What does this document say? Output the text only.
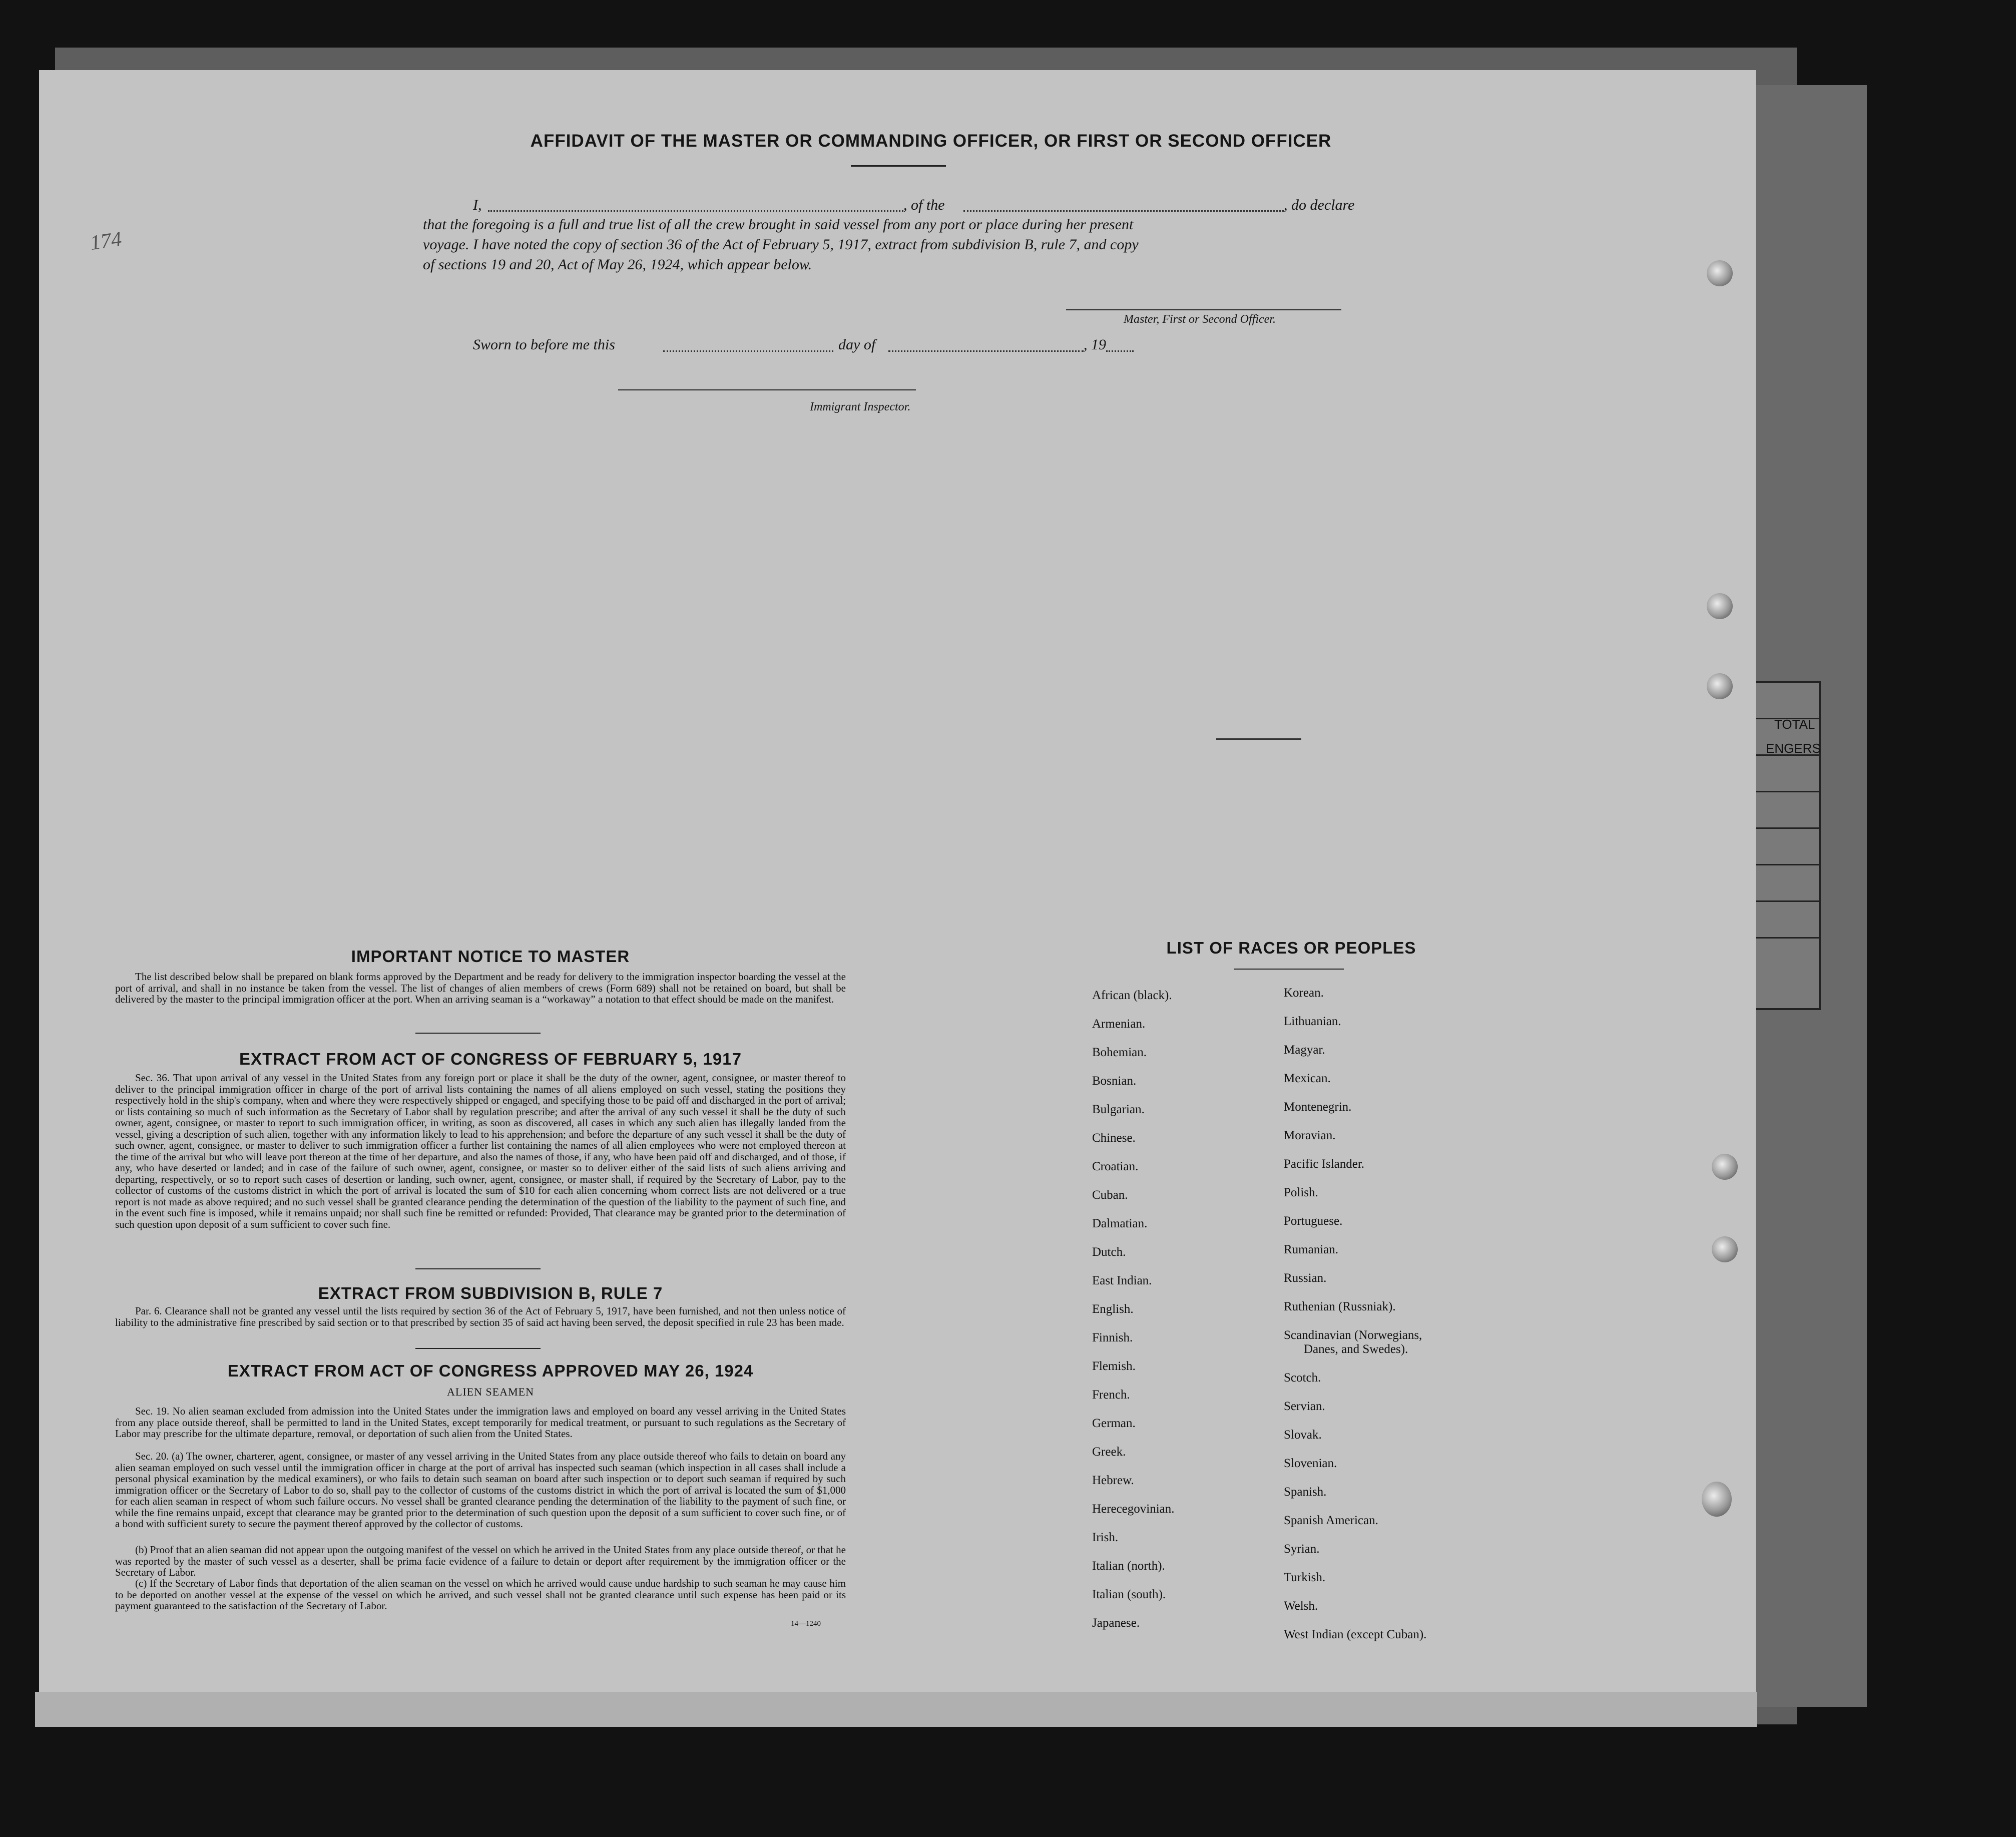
TOTAL
ENGERS

174
AFFIDAVIT OF THE MASTER OR COMMANDING OFFICER, OR FIRST OR SECOND OFFICER
I,	, of the	, do declare
that the foregoing is a full and true list of all the crew brought in said vessel from any port or place during her present
voyage. I have noted the copy of section 36 of the Act of February 5, 1917, extract from subdivision B, rule 7, and copy
of sections 19 and 20, Act of May 26, 1924, which appear below.
Master, First or Second Officer.
Sworn to before me this	day of	, 19
Immigrant Inspector.
IMPORTANT NOTICE TO MASTER
The list described below shall be prepared on blank forms approved by the Department and be ready for delivery to the immigration inspector boarding the vessel at the port of arrival, and shall in no instance be taken from the vessel. The list of changes of alien members of crews (Form 689) shall not be retained on board, but shall be delivered by the master to the principal immigration officer at the port. When an arriving seaman is a “workaway” a notation to that effect should be made on the manifest.
EXTRACT FROM ACT OF CONGRESS OF FEBRUARY 5, 1917
Sec. 36. That upon arrival of any vessel in the United States from any foreign port or place it shall be the duty of the owner, agent, consignee, or master thereof to deliver to the principal immigration officer in charge of the port of arrival lists containing the names of all aliens employed on such vessel, stating the positions they respectively hold in the ship's company, when and where they were respectively shipped or engaged, and specifying those to be paid off and discharged in the port of arrival; or lists containing so much of such information as the Secretary of Labor shall by regulation prescribe; and after the arrival of any such vessel it shall be the duty of such owner, agent, consignee, or master to report to such immigration officer, in writing, as soon as discovered, all cases in which any such alien has illegally landed from the vessel, giving a description of such alien, together with any information likely to lead to his apprehension; and before the departure of any such vessel it shall be the duty of such owner, agent, consignee, or master to deliver to such immigration officer a further list containing the names of all alien employees who were not employed thereon at the time of the arrival but who will leave port thereon at the time of her departure, and also the names of those, if any, who have been paid off and discharged, and of those, if any, who have deserted or landed; and in case of the failure of such owner, agent, consignee, or master so to deliver either of the said lists of such aliens arriving and departing, respectively, or so to report such cases of desertion or landing, such owner, agent, consignee, or master shall, if required by the Secretary of Labor, pay to the collector of customs of the customs district in which the port of arrival is located the sum of $10 for each alien concerning whom correct lists are not delivered or a true report is not made as above required; and no such vessel shall be granted clearance pending the determination of the question of the liability to the payment of such fine, and in the event such fine is imposed, while it remains unpaid; nor shall such fine be remitted or refunded: Provided, That clearance may be granted prior to the determination of such question upon deposit of a sum sufficient to cover such fine.
EXTRACT FROM SUBDIVISION B, RULE 7
Par. 6. Clearance shall not be granted any vessel until the lists required by section 36 of the Act of February 5, 1917, have been furnished, and not then unless notice of liability to the administrative fine prescribed by said section or to that prescribed by section 35 of said act having been served, the deposit specified in rule 23 has been made.
EXTRACT FROM ACT OF CONGRESS APPROVED MAY 26, 1924
ALIEN SEAMEN
Sec. 19. No alien seaman excluded from admission into the United States under the immigration laws and employed on board any vessel arriving in the United States from any place outside thereof, shall be permitted to land in the United States, except temporarily for medical treatment, or pursuant to such regulations as the Secretary of Labor may prescribe for the ultimate departure, removal, or deportation of such alien from the United States.
Sec. 20. (a) The owner, charterer, agent, consignee, or master of any vessel arriving in the United States from any place outside thereof who fails to detain on board any alien seaman employed on such vessel until the immigration officer in charge at the port of arrival has inspected such seaman (which inspection in all cases shall include a personal physical examination by the medical examiners), or who fails to detain such seaman on board after such inspection or to deport such seaman if required by such immigration officer or the Secretary of Labor to do so, shall pay to the collector of customs of the customs district in which the port of arrival is located the sum of $1,000 for each alien seaman in respect of whom such failure occurs. No vessel shall be granted clearance pending the determination of the liability to the payment of such fine, or while the fine remains unpaid, except that clearance may be granted prior to the determination of such question upon the deposit of a sum sufficient to cover such fine, or of a bond with sufficient surety to secure the payment thereof approved by the collector of customs.
(b) Proof that an alien seaman did not appear upon the outgoing manifest of the vessel on which he arrived in the United States from any place outside thereof, or that he was reported by the master of such vessel as a deserter, shall be prima facie evidence of a failure to detain or deport after requirement by the immigration officer or the Secretary of Labor.
(c) If the Secretary of Labor finds that deportation of the alien seaman on the vessel on which he arrived would cause undue hardship to such seaman he may cause him to be deported on another vessel at the expense of the vessel on which he arrived, and such vessel shall not be granted clearance until such expense has been paid or its payment guaranteed to the satisfaction of the Secretary of Labor.
14—1240
LIST OF RACES OR PEOPLES
African (black).
Armenian.
Bohemian.
Bosnian.
Bulgarian.
Chinese.
Croatian.
Cuban.
Dalmatian.
Dutch.
East Indian.
English.
Finnish.
Flemish.
French.
German.
Greek.
Hebrew.
Herecegovinian.
Irish.
Italian (north).
Italian (south).
Japanese.
Korean.
Lithuanian.
Magyar.
Mexican.
Montenegrin.
Moravian.
Pacific Islander.
Polish.
Portuguese.
Rumanian.
Russian.
Ruthenian (Russniak).
Scandinavian (Norwegians,
Danes, and Swedes).
Scotch.
Servian.
Slovak.
Slovenian.
Spanish.
Spanish American.
Syrian.
Turkish.
Welsh.
West Indian (except Cuban).
